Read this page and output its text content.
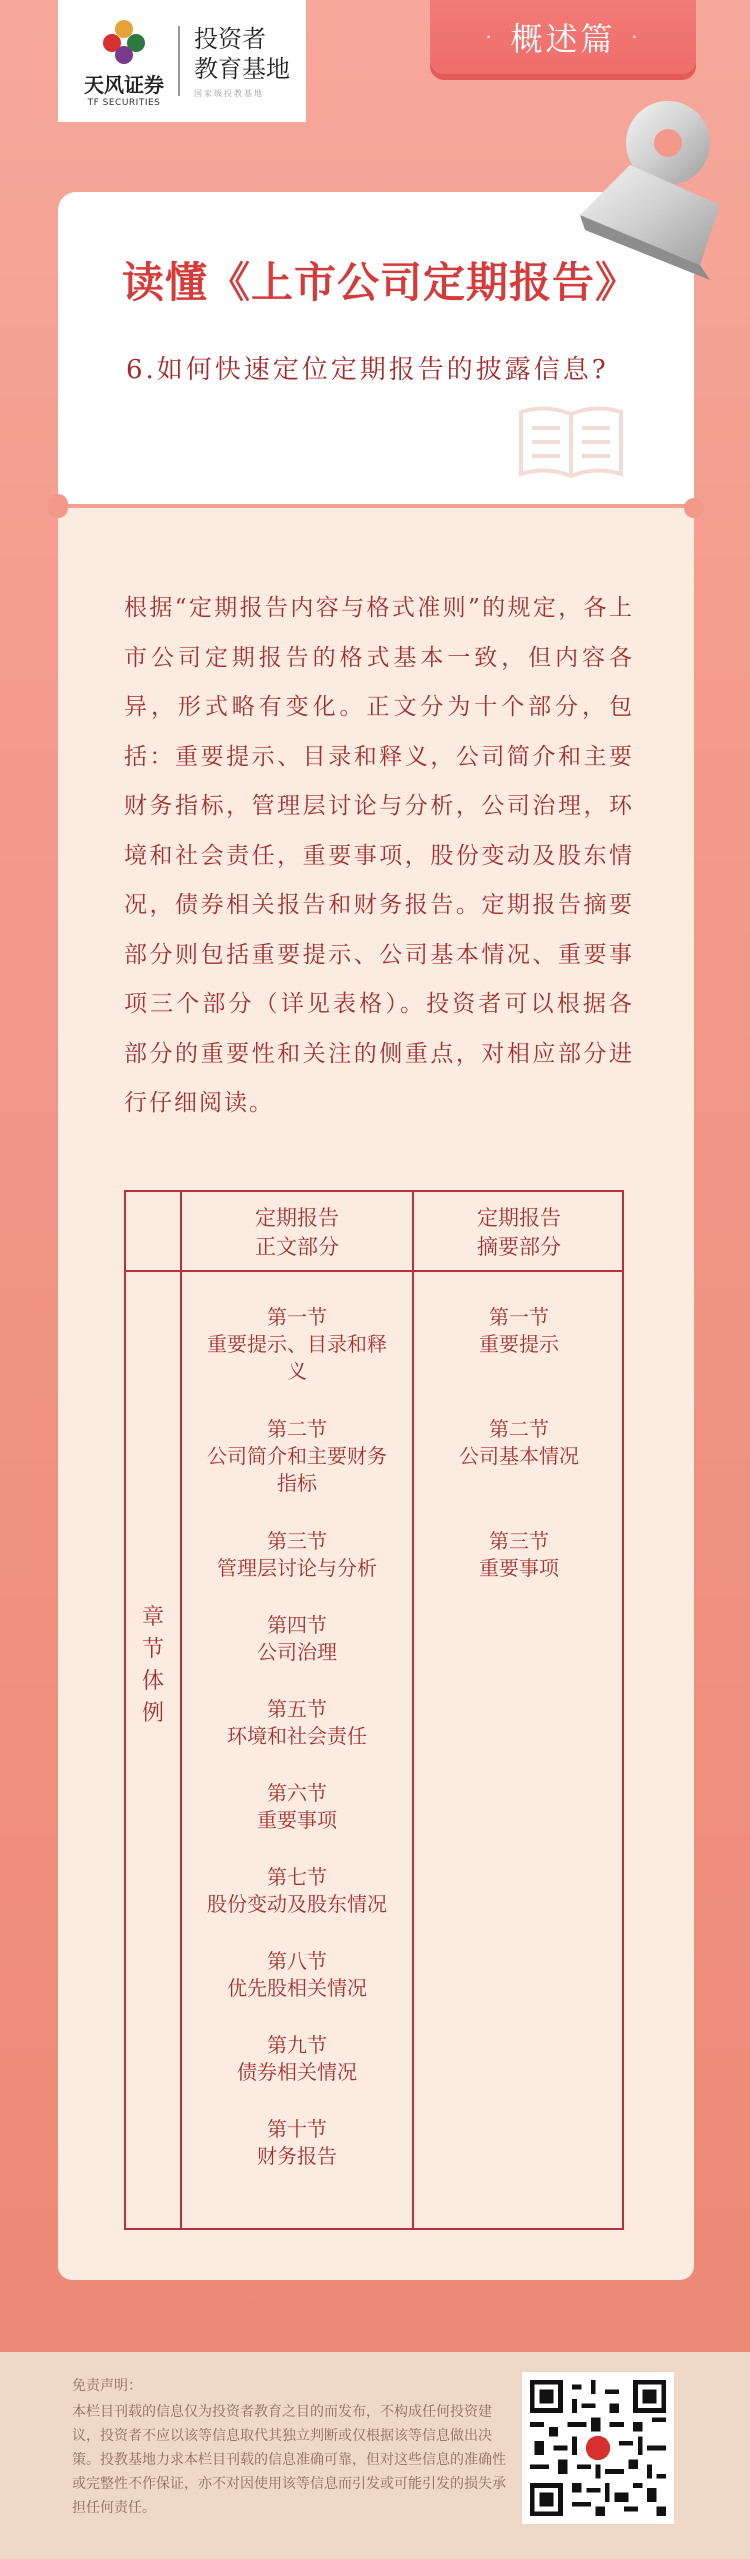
天风证券
TF SECURITIES
投资者
教育基地
国家级投教基地
· 概述篇 ·
读懂《上市公司定期报告》
6.如何快速定位定期报告的披露信息?
根据“定期报告内容与格式准则”的规定，各上市公司定期报告的格式基本一致，但内容各异，形式略有变化。正文分为十个部分，包括：重要提示、目录和释义，公司简介和主要财务指标，管理层讨论与分析，公司治理，环境和社会责任，重要事项，股份变动及股东情况，债券相关报告和财务报告。定期报告摘要部分则包括重要提示、公司基本情况、重要事项三个部分（详见表格）。投资者可以根据各部分的重要性和关注的侧重点，对相应部分进行仔细阅读。
定期报告
正文部分
定期报告
摘要部分
章节体例
第一节
重要提示、目录和释义
第二节
公司简介和主要财务指标
第三节
管理层讨论与分析
第四节
公司治理
第五节
环境和社会责任
第六节
重要事项
第七节
股份变动及股东情况
第八节
优先股相关情况
第九节
债券相关情况
第十节
财务报告
第一节
重要提示
第二节
公司基本情况
第三节
重要事项
免责声明：
本栏目刊载的信息仅为投资者教育之目的而发布，不构成任何投资建议，投资者不应以该等信息取代其独立判断或仅根据该等信息做出决策。投教基地力求本栏目刊载的信息准确可靠，但对这些信息的准确性或完整性不作保证，亦不对因使用该等信息而引发或可能引发的损失承担任何责任。
